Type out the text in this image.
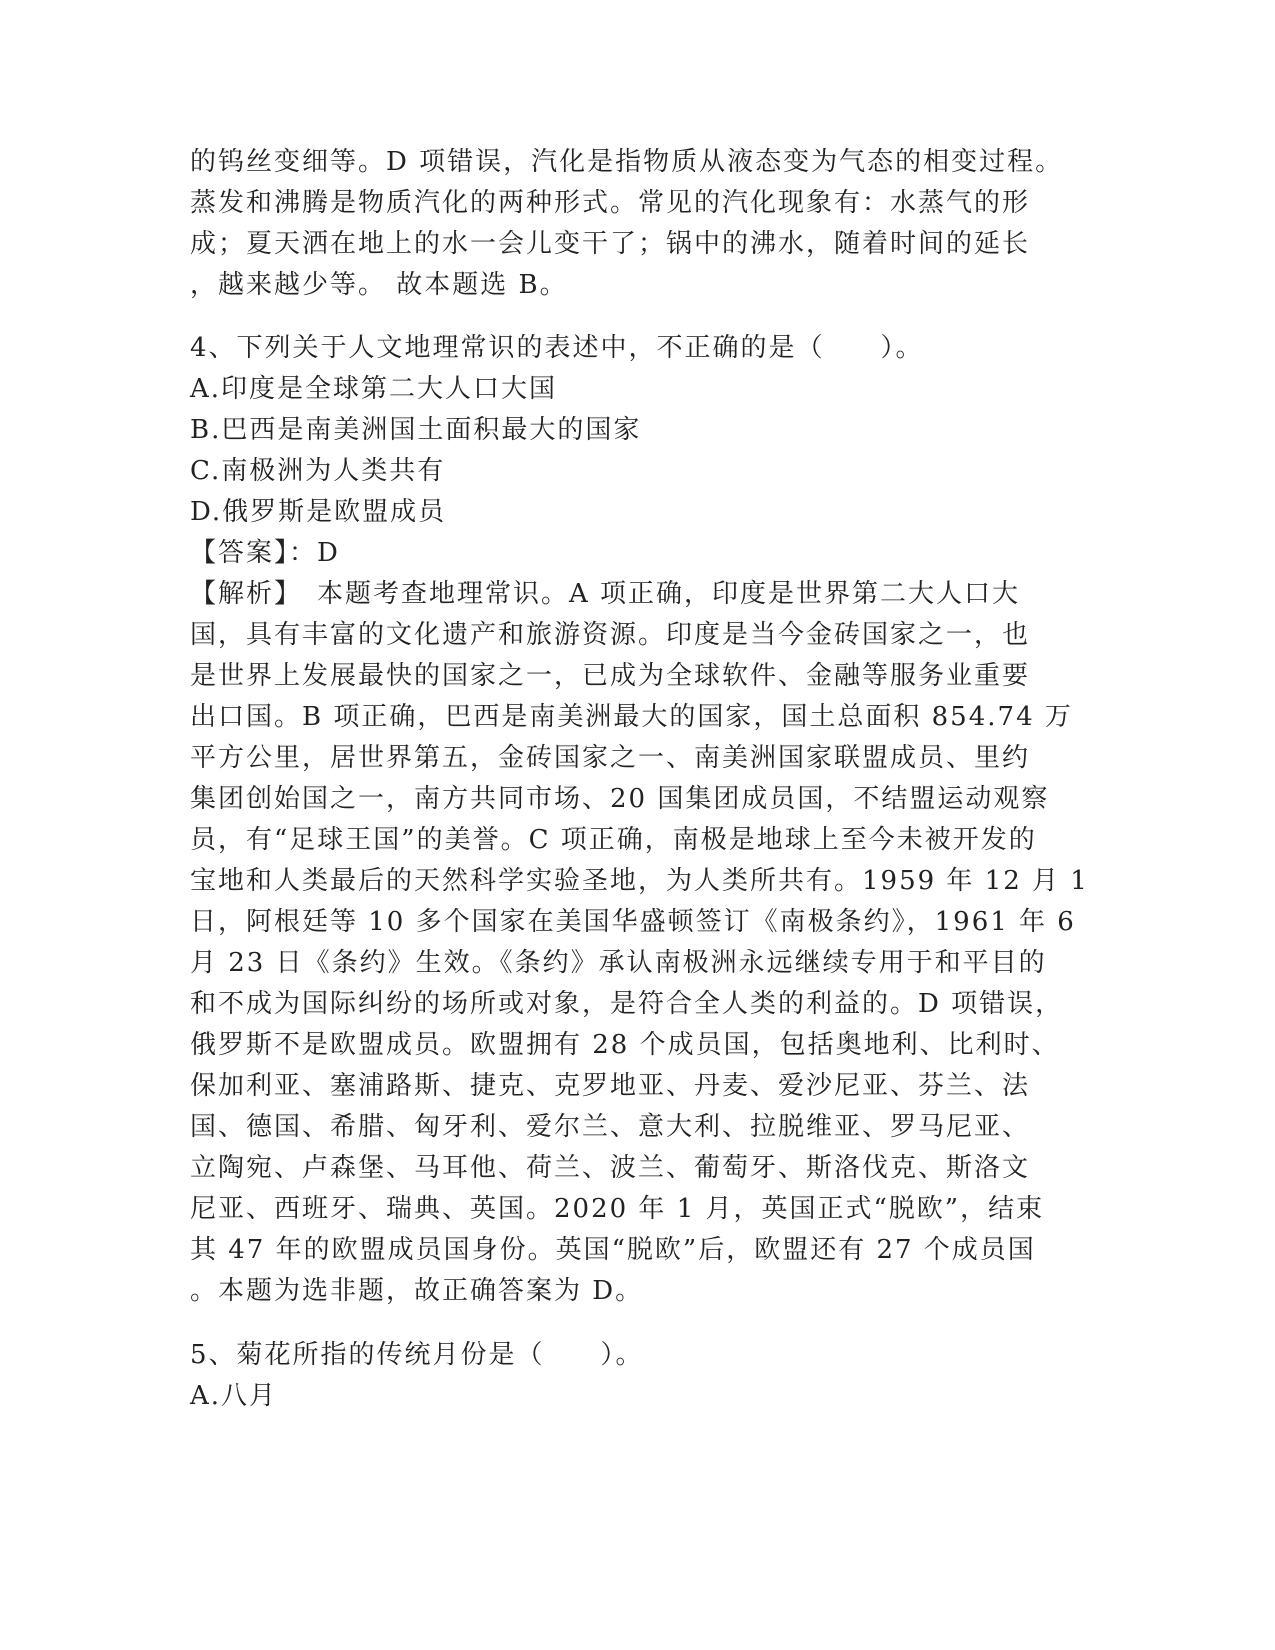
的钨丝变细等。D 项错误，汽化是指物质从液态变为气态的相变过程。
蒸发和沸腾是物质汽化的两种形式。常见的汽化现象有：水蒸气的形
成；夏天洒在地上的水一会儿变干了；锅中的沸水，随着时间的延长
，越来越少等。 故本题选 B。
4、下列关于人文地理常识的表述中，不正确的是（　　）。
A.印度是全球第二大人口大国
B.巴西是南美洲国土面积最大的国家
C.南极洲为人类共有
D.俄罗斯是欧盟成员
【答案】：D
【解析】　本题考查地理常识。A 项正确，印度是世界第二大人口大
国，具有丰富的文化遗产和旅游资源。印度是当今金砖国家之一，也
是世界上发展最快的国家之一，已成为全球软件、金融等服务业重要
出口国。B 项正确，巴西是南美洲最大的国家，国土总面积 854.74 万
平方公里，居世界第五，金砖国家之一、南美洲国家联盟成员、里约
集团创始国之一，南方共同市场、20 国集团成员国，不结盟运动观察
员，有“足球王国”的美誉。C 项正确，南极是地球上至今未被开发的
宝地和人类最后的天然科学实验圣地，为人类所共有。1959 年 12 月 1
日，阿根廷等 10 多个国家在美国华盛顿签订《南极条约》，1961 年 6
月 23 日《条约》生效。《条约》承认南极洲永远继续专用于和平目的
和不成为国际纠纷的场所或对象，是符合全人类的利益的。D 项错误，
俄罗斯不是欧盟成员。欧盟拥有 28 个成员国，包括奥地利、比利时、
保加利亚、塞浦路斯、捷克、克罗地亚、丹麦、爱沙尼亚、芬兰、法
国、德国、希腊、匈牙利、爱尔兰、意大利、拉脱维亚、罗马尼亚、
立陶宛、卢森堡、马耳他、荷兰、波兰、葡萄牙、斯洛伐克、斯洛文
尼亚、西班牙、瑞典、英国。2020 年 1 月，英国正式“脱欧”，结束
其 47 年的欧盟成员国身份。英国“脱欧”后，欧盟还有 27 个成员国
。本题为选非题，故正确答案为 D。
5、菊花所指的传统月份是（　　）。
A.八月
